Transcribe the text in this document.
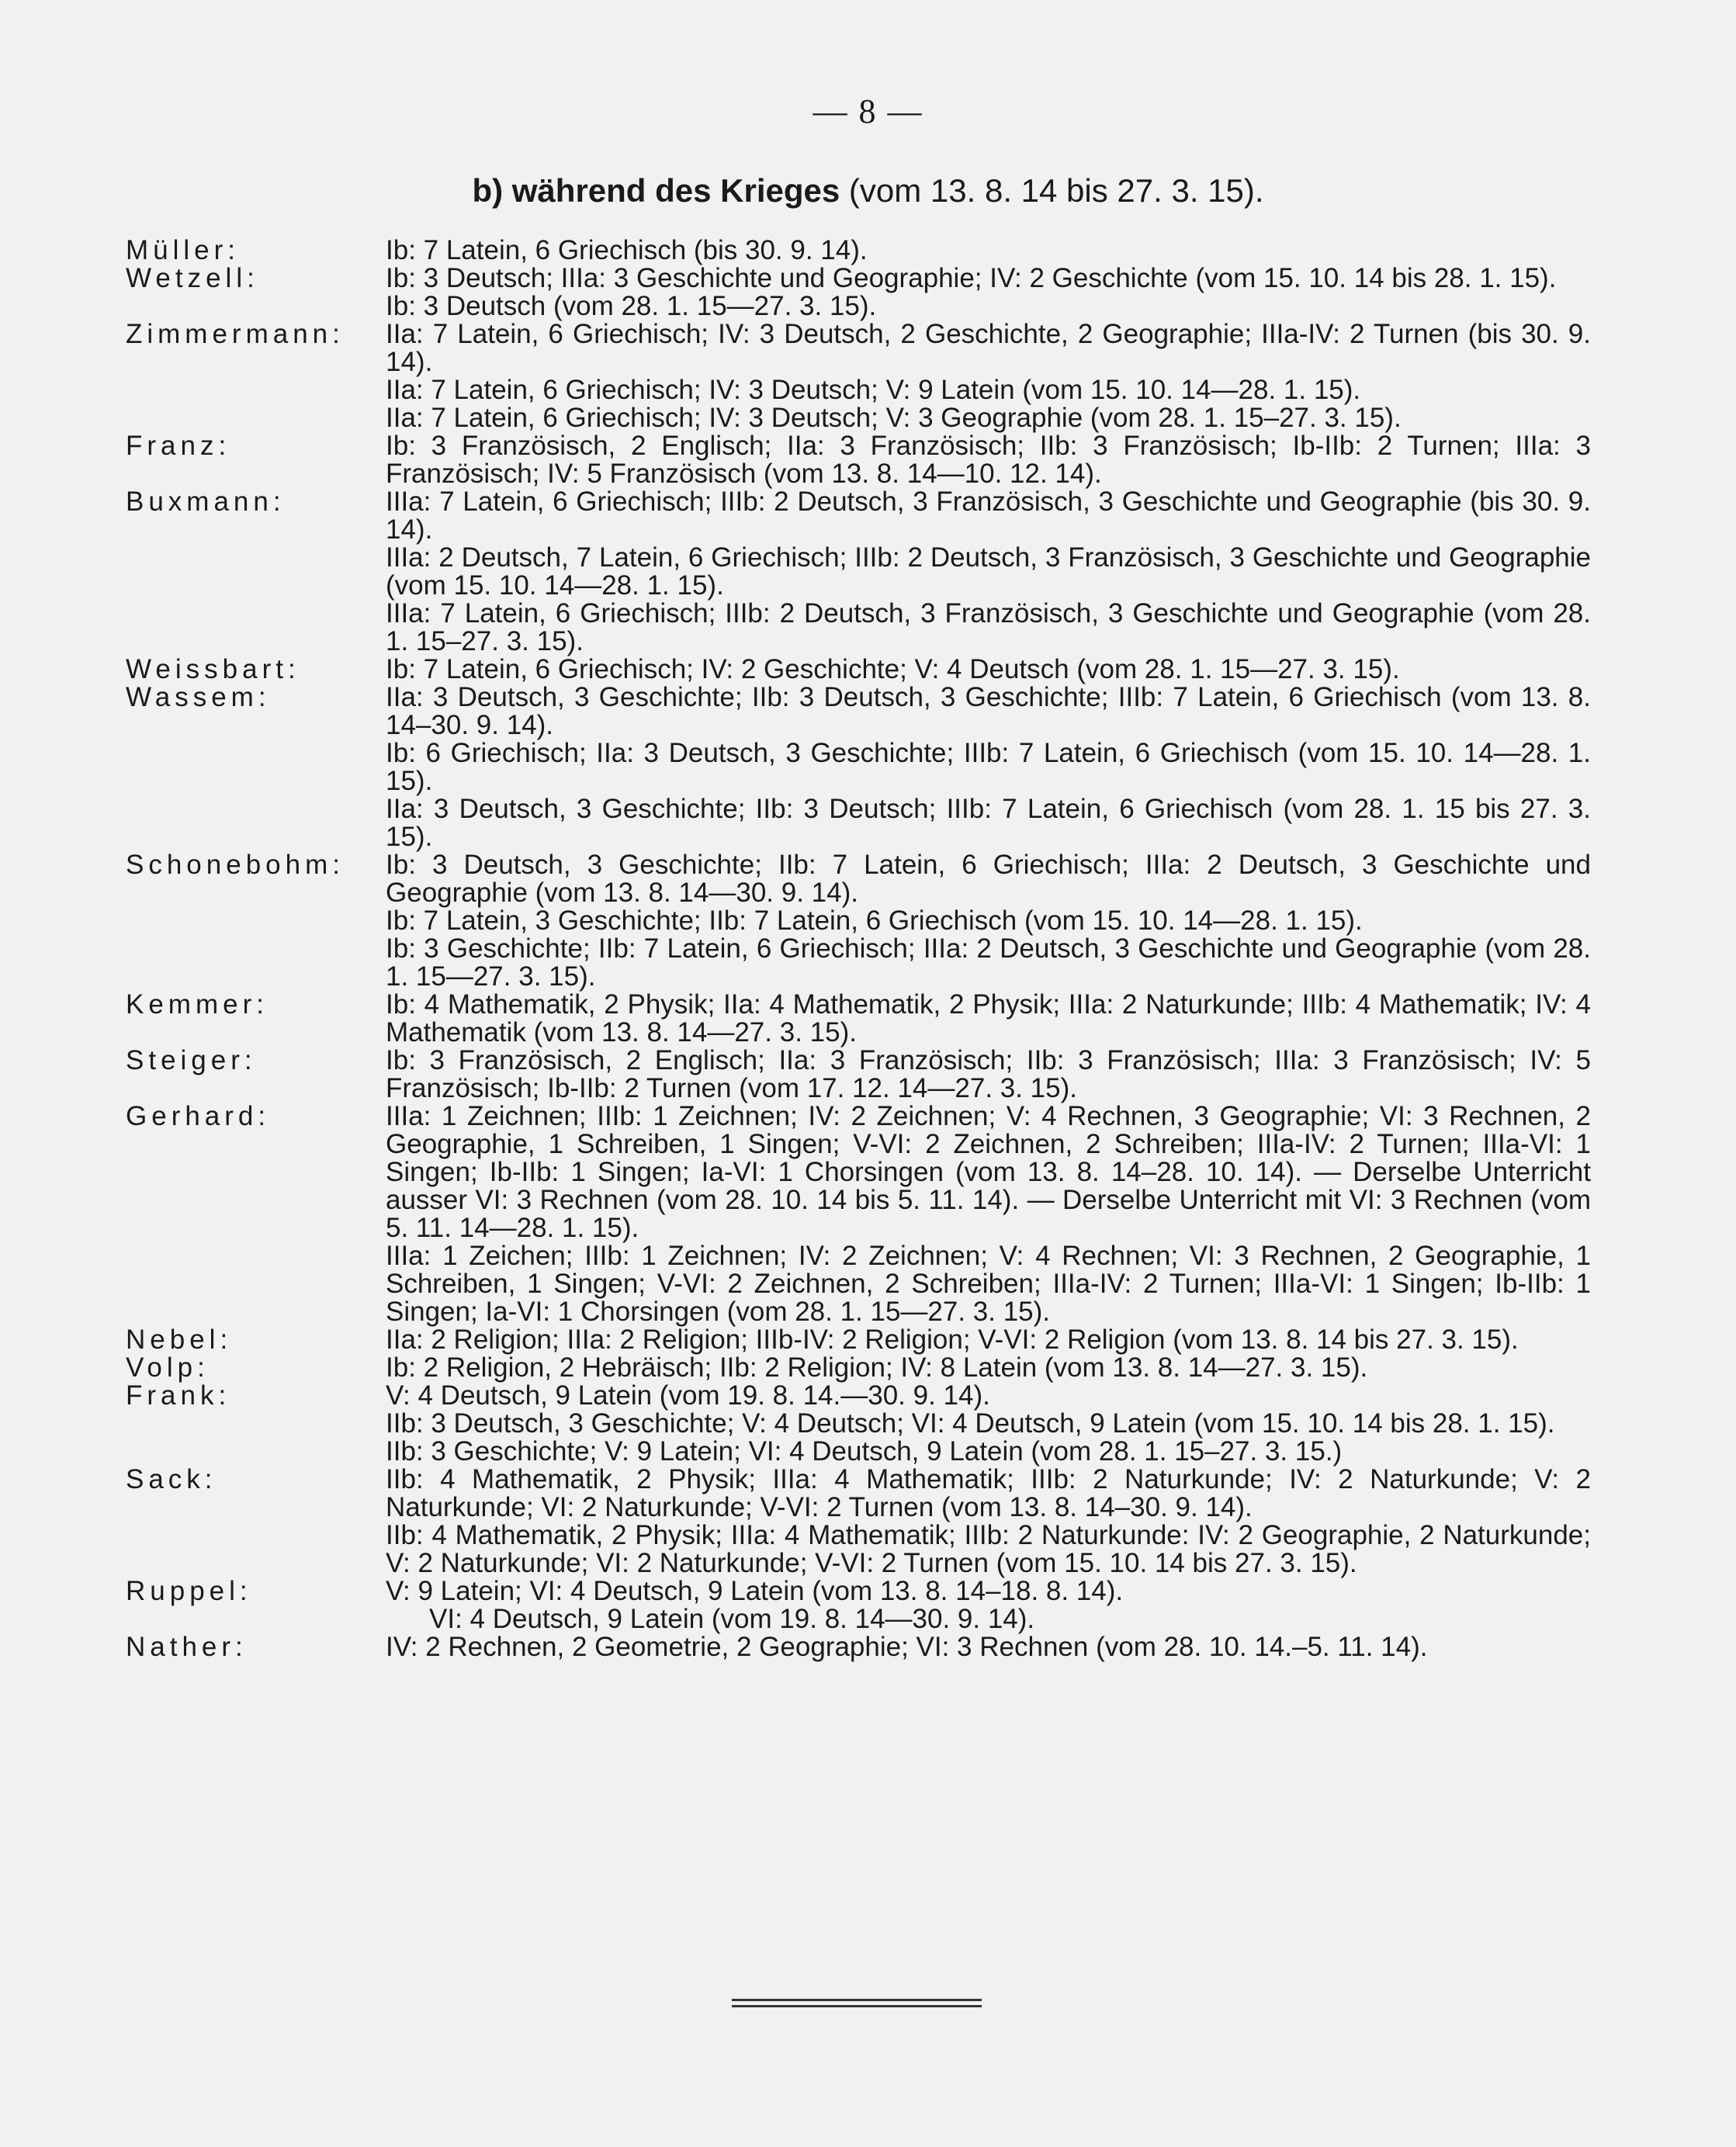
— 8 —
b) während des Krieges (vom 13. 8. 14 bis 27. 3. 15).
Müller:	Ib: 7 Latein, 6 Griechisch (bis 30. 9. 14).
Wetzell:	Ib: 3 Deutsch; IIIa: 3 Geschichte und Geographie; IV: 2 Geschichte (vom 15. 10. 14 bis 28. 1. 15).
Ib: 3 Deutsch (vom 28. 1. 15—27. 3. 15).
Zimmermann: IIa: 7 Latein, 6 Griechisch; IV: 3 Deutsch, 2 Geschichte, 2 Geographie; IIIa-IV: 2 Turnen (bis 30. 9. 14).
IIa: 7 Latein, 6 Griechisch; IV: 3 Deutsch; V: 9 Latein (vom 15. 10. 14—28. 1. 15).
IIa: 7 Latein, 6 Griechisch; IV: 3 Deutsch; V: 3 Geographie (vom 28. 1. 15–27. 3. 15).
Franz:	Ib: 3 Französisch, 2 Englisch; IIa: 3 Französisch; IIb: 3 Französisch; Ib-IIb: 2 Turnen; IIIa: 3 Französisch; IV: 5 Französisch (vom 13. 8. 14—10. 12. 14).
Buxmann:	IIIa: 7 Latein, 6 Griechisch; IIIb: 2 Deutsch, 3 Französisch, 3 Geschichte und Geographie (bis 30. 9. 14).
IIIa: 2 Deutsch, 7 Latein, 6 Griechisch; IIIb: 2 Deutsch, 3 Französisch, 3 Geschichte und Geographie (vom 15. 10. 14—28. 1. 15).
IIIa: 7 Latein, 6 Griechisch; IIIb: 2 Deutsch, 3 Französisch, 3 Geschichte und Geographie (vom 28. 1. 15–27. 3. 15).
Weissbart:	Ib: 7 Latein, 6 Griechisch; IV: 2 Geschichte; V: 4 Deutsch (vom 28. 1. 15—27. 3. 15).
Wassem:	IIa: 3 Deutsch, 3 Geschichte; IIb: 3 Deutsch, 3 Geschichte; IIIb: 7 Latein, 6 Griechisch (vom 13. 8. 14–30. 9. 14).
Ib: 6 Griechisch; IIa: 3 Deutsch, 3 Geschichte; IIIb: 7 Latein, 6 Griechisch (vom 15. 10. 14—28. 1. 15).
IIa: 3 Deutsch, 3 Geschichte; IIb: 3 Deutsch; IIIb: 7 Latein, 6 Griechisch (vom 28. 1. 15 bis 27. 3. 15).
Schonebohm: Ib: 3 Deutsch, 3 Geschichte; IIb: 7 Latein, 6 Griechisch; IIIa: 2 Deutsch, 3 Geschichte und Geographie (vom 13. 8. 14—30. 9. 14).
Ib: 7 Latein, 3 Geschichte; IIb: 7 Latein, 6 Griechisch (vom 15. 10. 14—28. 1. 15).
Ib: 3 Geschichte; IIb: 7 Latein, 6 Griechisch; IIIa: 2 Deutsch, 3 Geschichte und Geographie (vom 28. 1. 15—27. 3. 15).
Kemmer:	Ib: 4 Mathematik, 2 Physik; IIa: 4 Mathematik, 2 Physik; IIIa: 2 Naturkunde; IIIb: 4 Mathematik; IV: 4 Mathematik (vom 13. 8. 14—27. 3. 15).
Steiger:	Ib: 3 Französisch, 2 Englisch; IIa: 3 Französisch; IIb: 3 Französisch; IIIa: 3 Französisch; IV: 5 Französisch; Ib-IIb: 2 Turnen (vom 17. 12. 14—27. 3. 15).
Gerhard:	IIIa: 1 Zeichnen; IIIb: 1 Zeichnen; IV: 2 Zeichnen; V: 4 Rechnen, 3 Geographie; VI: 3 Rechnen, 2 Geographie, 1 Schreiben, 1 Singen; V-VI: 2 Zeichnen, 2 Schreiben; IIIa-IV: 2 Turnen; IIIa-VI: 1 Singen; Ib-IIb: 1 Singen; Ia-VI: 1 Chorsingen (vom 13. 8. 14–28. 10. 14). — Derselbe Unterricht ausser VI: 3 Rechnen (vom 28. 10. 14 bis 5. 11. 14). — Derselbe Unterricht mit VI: 3 Rechnen (vom 5. 11. 14—28. 1. 15).
IIIa: 1 Zeichen; IIIb: 1 Zeichnen; IV: 2 Zeichnen; V: 4 Rechnen; VI: 3 Rechnen, 2 Geographie, 1 Schreiben, 1 Singen; V-VI: 2 Zeichnen, 2 Schreiben; IIIa-IV: 2 Turnen; IIIa-VI: 1 Singen; Ib-IIb: 1 Singen; Ia-VI: 1 Chorsingen (vom 28. 1. 15—27. 3. 15).
Nebel:	IIa: 2 Religion; IIIa: 2 Religion; IIIb-IV: 2 Religion; V-VI: 2 Religion (vom 13. 8. 14 bis 27. 3. 15).
Volp:	Ib: 2 Religion, 2 Hebräisch; IIb: 2 Religion; IV: 8 Latein (vom 13. 8. 14—27. 3. 15).
Frank:	V: 4 Deutsch, 9 Latein (vom 19. 8. 14.—30. 9. 14).
IIb: 3 Deutsch, 3 Geschichte; V: 4 Deutsch; VI: 4 Deutsch, 9 Latein (vom 15. 10. 14 bis 28. 1. 15).
IIb: 3 Geschichte; V: 9 Latein; VI: 4 Deutsch, 9 Latein (vom 28. 1. 15–27. 3. 15.)
Sack:	IIb: 4 Mathematik, 2 Physik; IIIa: 4 Mathematik; IIIb: 2 Naturkunde; IV: 2 Naturkunde; V: 2 Naturkunde; VI: 2 Naturkunde; V-VI: 2 Turnen (vom 13. 8. 14–30. 9. 14).
IIb: 4 Mathematik, 2 Physik; IIIa: 4 Mathematik; IIIb: 2 Naturkunde: IV: 2 Geographie, 2 Naturkunde; V: 2 Naturkunde; VI: 2 Naturkunde; V-VI: 2 Turnen (vom 15. 10. 14 bis 27. 3. 15).
Ruppel:	V: 9 Latein; VI: 4 Deutsch, 9 Latein (vom 13. 8. 14–18. 8. 14).
VI: 4 Deutsch, 9 Latein (vom 19. 8. 14—30. 9. 14).
Nather:	IV: 2 Rechnen, 2 Geometrie, 2 Geographie; VI: 3 Rechnen (vom 28. 10. 14.–5. 11. 14).
